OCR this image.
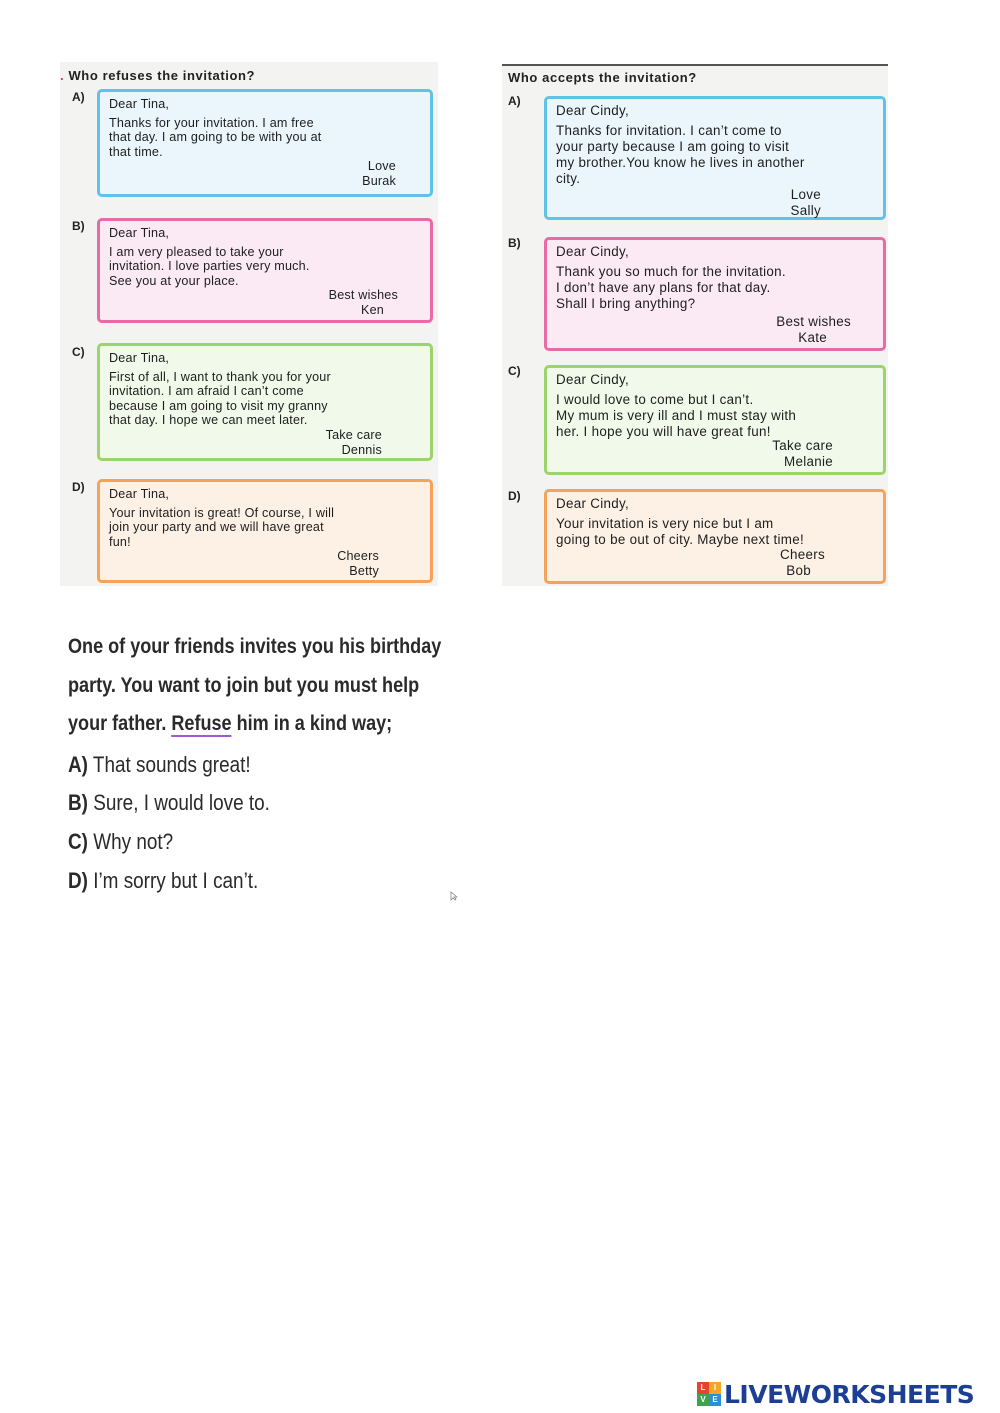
. Who refuses the invitation?
A) Dear Tina,
Thanks for your invitation. I am free
that day. I am going to be with you at
that time.
Love
Burak
B) Dear Tina,
I am very pleased to take your
invitation. I love parties very much.
See you at your place.
Best wishes
Ken
C) Dear Tina,
First of all, I want to thank you for your
invitation. I am afraid I can’t come
because I am going to visit my granny
that day. I hope we can meet later.
Take care
Dennis
D) Dear Tina,
Your invitation is great! Of course, I will
join your party and we will have great
fun!
Cheers
Betty
Who accepts the invitation?
A)
Dear Cindy,
Thanks for invitation. I can’t come to
your party because I am going to visit
my brother.You know he lives in another
city.
Love
Sally
B)
Dear Cindy,
Thank you so much for the invitation.
I don’t have any plans for that day.
Shall I bring anything?
Best wishes
Kate
C)
Dear Cindy,
I would love to come but I can’t.
My mum is very ill and I must stay with
her. I hope you will have great fun!
Take care
Melanie
D)	Dear Cindy,
Your invitation is very nice but I am
going to be out of city. Maybe next time!
Cheers
Bob
One of your friends invites you his birthday
party. You want to join but you must help
your father. Refuse him in a kind way;
A) That sounds great!
B) Sure, I would love to.
C) Why not?
D) I’m sorry but I can’t.
L	I
V E LIVEWORKSHEETS
